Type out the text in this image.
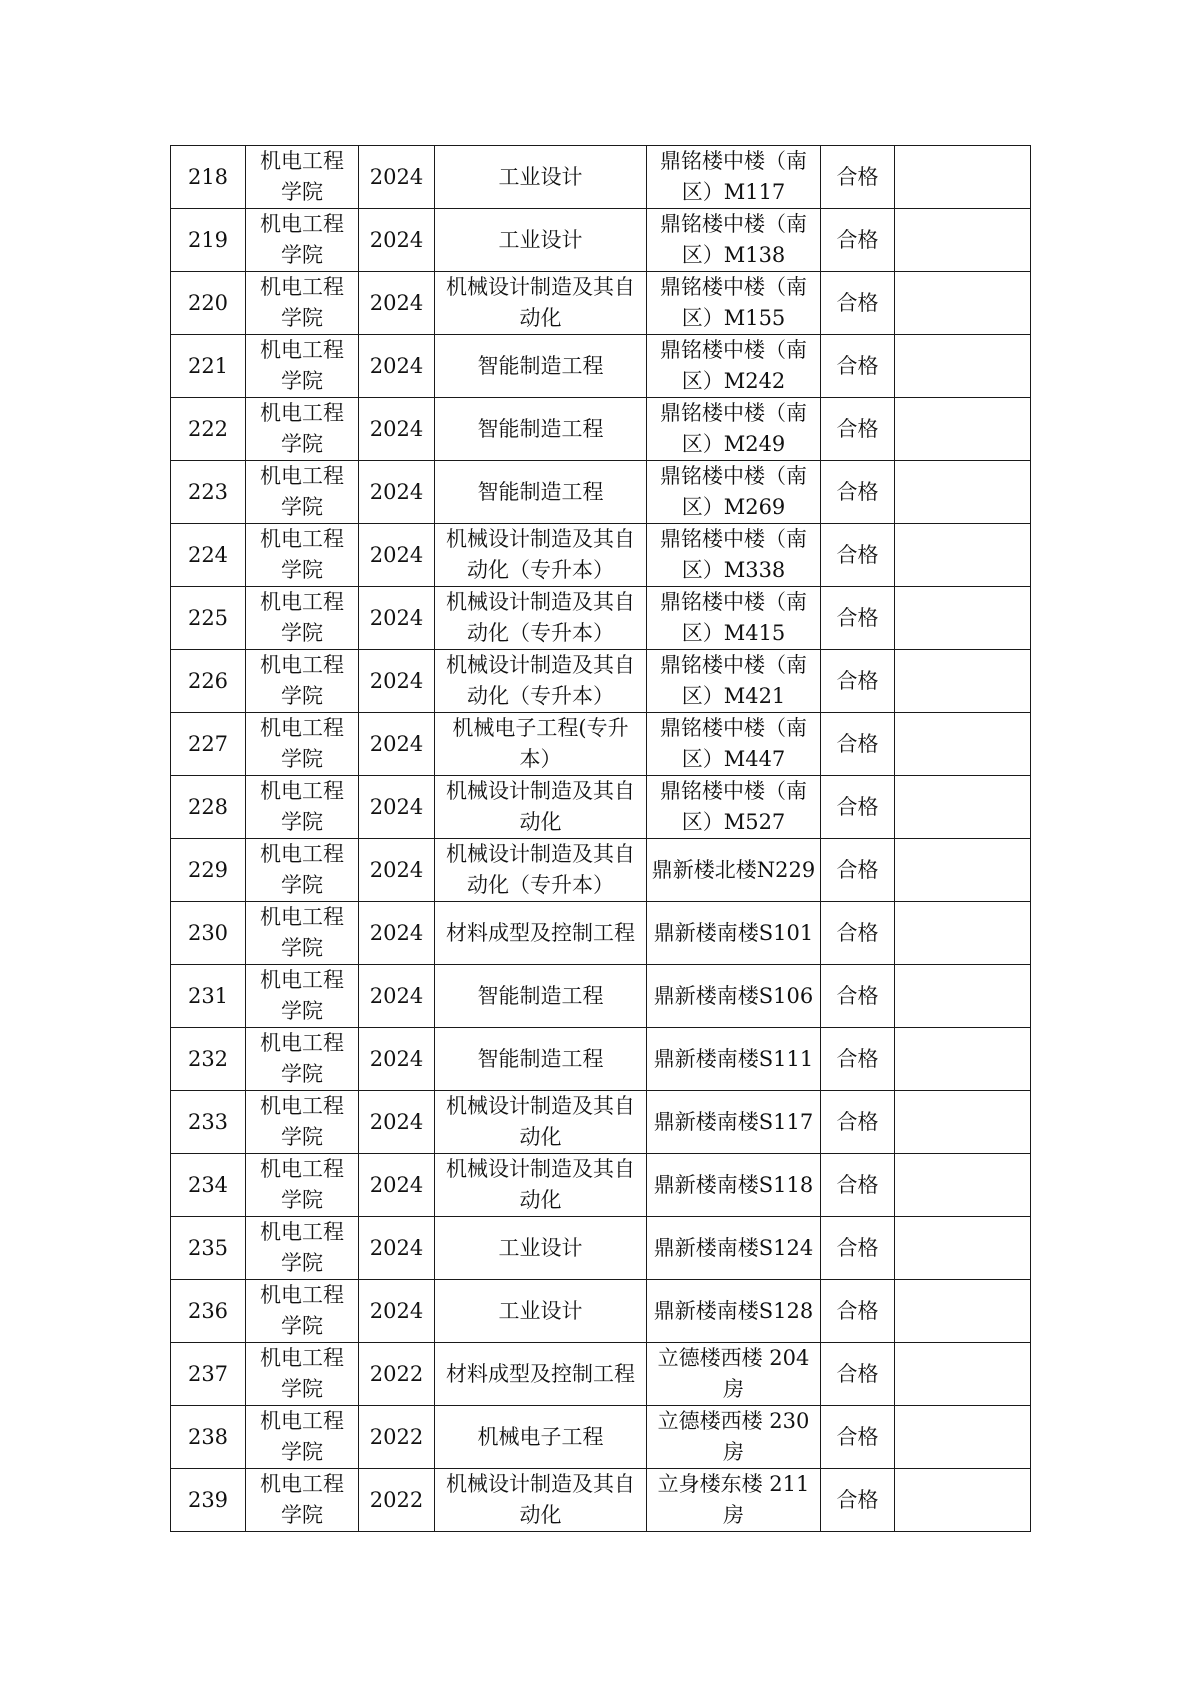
218	机电工程学院	2024	工业设计	鼎铭楼中楼（南区）M117	合格	
219	机电工程学院	2024	工业设计	鼎铭楼中楼（南区）M138	合格	
220	机电工程学院	2024	机械设计制造及其自动化	鼎铭楼中楼（南区）M155	合格	
221	机电工程学院	2024	智能制造工程	鼎铭楼中楼（南区）M242	合格	
222	机电工程学院	2024	智能制造工程	鼎铭楼中楼（南区）M249	合格	
223	机电工程学院	2024	智能制造工程	鼎铭楼中楼（南区）M269	合格	
224	机电工程学院	2024	机械设计制造及其自动化（专升本）	鼎铭楼中楼（南区）M338	合格	
225	机电工程学院	2024	机械设计制造及其自动化（专升本）	鼎铭楼中楼（南区）M415	合格	
226	机电工程学院	2024	机械设计制造及其自动化（专升本）	鼎铭楼中楼（南区）M421	合格	
227	机电工程学院	2024	机械电子工程(专升本）	鼎铭楼中楼（南区）M447	合格	
228	机电工程学院	2024	机械设计制造及其自动化	鼎铭楼中楼（南区）M527	合格	
229	机电工程学院	2024	机械设计制造及其自动化（专升本）	鼎新楼北楼N229	合格	
230	机电工程学院	2024	材料成型及控制工程	鼎新楼南楼S101	合格	
231	机电工程学院	2024	智能制造工程	鼎新楼南楼S106	合格	
232	机电工程学院	2024	智能制造工程	鼎新楼南楼S111	合格	
233	机电工程学院	2024	机械设计制造及其自动化	鼎新楼南楼S117	合格	
234	机电工程学院	2024	机械设计制造及其自动化	鼎新楼南楼S118	合格	
235	机电工程学院	2024	工业设计	鼎新楼南楼S124	合格	
236	机电工程学院	2024	工业设计	鼎新楼南楼S128	合格	
237	机电工程学院	2022	材料成型及控制工程	立德楼西楼 204 房	合格	
238	机电工程学院	2022	机械电子工程	立德楼西楼 230 房	合格	
239	机电工程学院	2022	机械设计制造及其自动化	立身楼东楼 211 房	合格	
